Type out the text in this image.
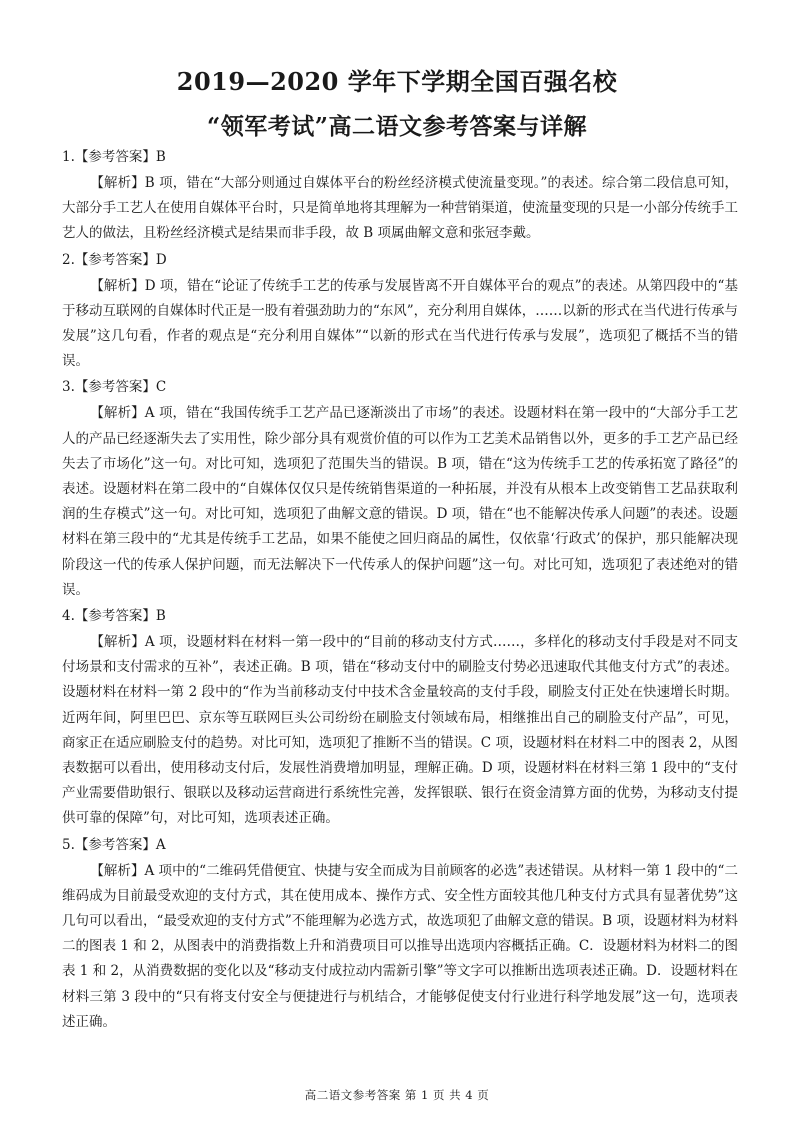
2019—2020 学年下学期全国百强名校
“领军考试”高二语文参考答案与详解
1.【参考答案】B
【解析】B 项，错在“大部分则通过自媒体平台的粉丝经济模式使流量变现。”的表述。综合第二段信息可知，大部分手工艺人在使用自媒体平台时，只是简单地将其理解为一种营销渠道，使流量变现的只是一小部分传统手工艺人的做法，且粉丝经济模式是结果而非手段，故 B 项属曲解文意和张冠李戴。
2.【参考答案】D
【解析】D 项，错在“论证了传统手工艺的传承与发展皆离不开自媒体平台的观点”的表述。从第四段中的“基于移动互联网的自媒体时代正是一股有着强劲助力的“东风”，充分利用自媒体，……以新的形式在当代进行传承与发展”这几句看，作者的观点是“充分利用自媒体”“以新的形式在当代进行传承与发展”，选项犯了概括不当的错误。
3.【参考答案】C
【解析】A 项，错在“我国传统手工艺产品已逐渐淡出了市场”的表述。设题材料在第一段中的“大部分手工艺人的产品已经逐渐失去了实用性，除少部分具有观赏价值的可以作为工艺美术品销售以外，更多的手工艺产品已经失去了市场化”这一句。对比可知，选项犯了范围失当的错误。B 项，错在“这为传统手工艺的传承拓宽了路径”的表述。设题材料在第二段中的“自媒体仅仅只是传统销售渠道的一种拓展，并没有从根本上改变销售工艺品获取利润的生存模式”这一句。对比可知，选项犯了曲解文意的错误。D 项，错在“也不能解决传承人问题”的表述。设题材料在第三段中的“尤其是传统手工艺品，如果不能使之回归商品的属性，仅依靠‘行政式’的保护，那只能解决现阶段这一代的传承人保护问题，而无法解决下一代传承人的保护问题”这一句。对比可知，选项犯了表述绝对的错误。
4.【参考答案】B
【解析】A 项，设题材料在材料一第一段中的“目前的移动支付方式……，多样化的移动支付手段是对不同支付场景和支付需求的互补”，表述正确。B 项，错在“移动支付中的刷脸支付势必迅速取代其他支付方式”的表述。设题材料在材料一第 2 段中的“作为当前移动支付中技术含金量较高的支付手段，刷脸支付正处在快速增长时期。近两年间，阿里巴巴、京东等互联网巨头公司纷纷在刷脸支付领域布局，相继推出自己的刷脸支付产品”，可见，商家正在适应刷脸支付的趋势。对比可知，选项犯了推断不当的错误。C 项，设题材料在材料二中的图表 2，从图表数据可以看出，使用移动支付后，发展性消费增加明显，理解正确。D 项，设题材料在材料三第 1 段中的“支付产业需要借助银行、银联以及移动运营商进行系统性完善，发挥银联、银行在资金清算方面的优势，为移动支付提供可靠的保障”句，对比可知，选项表述正确。
5.【参考答案】A
【解析】A 项中的“二维码凭借便宜、快捷与安全而成为目前顾客的必选”表述错误。从材料一第 1 段中的“二维码成为目前最受欢迎的支付方式，其在使用成本、操作方式、安全性方面较其他几种支付方式具有显著优势”这几句可以看出，“最受欢迎的支付方式”不能理解为必选方式，故选项犯了曲解文意的错误。B 项，设题材料为材料二的图表 1 和 2，从图表中的消费指数上升和消费项目可以推导出选项内容概括正确。C．设题材料为材料二的图表 1 和 2，从消费数据的变化以及“移动支付成拉动内需新引擎”等文字可以推断出选项表述正确。D．设题材料在材料三第 3 段中的“只有将支付安全与便捷进行与机结合，才能够促使支付行业进行科学地发展”这一句，选项表述正确。
高二语文参考答案 第 1 页 共 4 页
